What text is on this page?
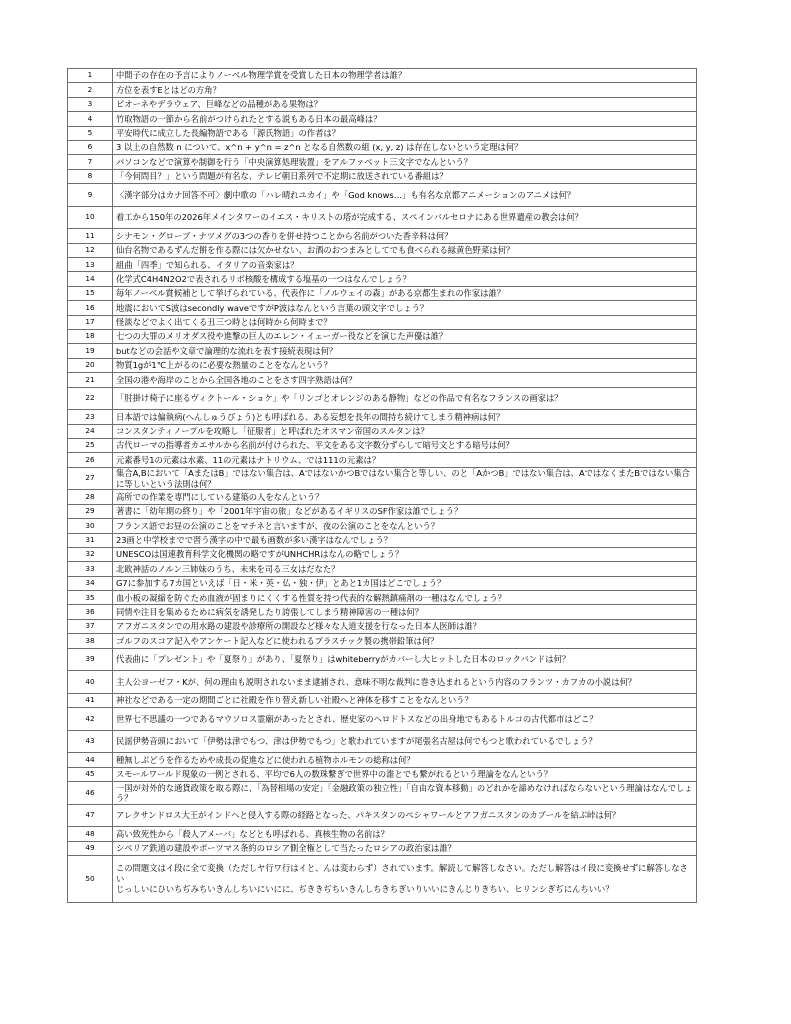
1	中間子の存在の予言によりノーベル物理学賞を受賞した日本の物理学者は誰？
2	方位を表すEとはどの方角？
3	ピオーネやデラウェア、巨峰などの品種がある果物は？
4	竹取物語の一節から名前がつけられたとする説もある日本の最高峰は？
5	平安時代に成立した長編物語である「源氏物語」の作者は？
6	3 以上の自然数 n について、x^n + y^n = z^n となる自然数の組 (x, y, z) は存在しないという定理は何？
7	パソコンなどで演算や制御を行う「中央演算処理装置」をアルファベット三文字でなんという？
8	「今何問目？」という問題が有名な、テレビ朝日系列で不定期に放送されている番組は？
9	〈漢字部分はカナ回答不可〉劇中歌の「ハレ晴れユカイ」や「God knows…」も有名な京都アニメーションのアニメは何？
10	着工から150年の2026年メインタワーのイエス・キリストの塔が完成する、スペインバルセロナにある世界遺産の教会は何？
11	シナモン・グローブ・ナツメグの3つの香りを併せ持つことから名前がついた香辛料は何？
12	仙台名物であるずんだ餅を作る際には欠かせない、お酒のおつまみとしてでも食べられる緑黄色野菜は何？
13	組曲「四季」で知られる、イタリアの音楽家は？
14	化学式C4H4N2O2で表されるリボ核酸を構成する塩基の一つはなんでしょう？
15	毎年ノーベル賞候補として挙げられている、代表作に「ノルウェイの森」がある京都生まれの作家は誰？
16	地震においてS波はsecondly waveですがP波はなんという言葉の頭文字でしょう？
17	怪談などでよく出てくる丑三つ時とは何時から何時まで？
18	七つの大罪のメリオダス役や進撃の巨人のエレン・イェーガー役などを演じた声優は誰？
19	butなどの会話や文章で論理的な流れを表す接続表現は何？
20	物質1gが1℃上がるのに必要な熱量のことをなんという？
21	全国の港や海岸のことから全国各地のことをさす四字熟語は何？
22	「肘掛け椅子に座るヴィクトール・ショケ」や「リンゴとオレンジのある静物」などの作品で有名なフランスの画家は？
23	日本語では偏執病(へんしゅうびょう)とも呼ばれる、ある妄想を長年の間持ち続けてしまう精神病は何？
24	コンスタンティノープルを攻略し「征服者」と呼ばれたオスマン帝国のスルタンは？
25	古代ローマの指導者カエサルから名前が付けられた、平文をある文字数分ずらして暗号文とする暗号は何？
26	元素番号1の元素は水素、11の元素はナトリウム、では111の元素は？
27	集合A,Bにおいて「AまたはB」ではない集合は、AではないかつBではない集合と等しい、のと「AかつB」ではない集合は、AではなくまたBではない集合に等しいという法則は何？
28	高所での作業を専門にしている建築の人をなんという？
29	著書に「幼年期の終り」や「2001年宇宙の旅」などがあるイギリスのSF作家は誰でしょう？
30	フランス語でお昼の公演のことをマチネと言いますが、夜の公演のことをなんという？
31	23画と中学校までで習う漢字の中で最も画数が多い漢字はなんでしょう？
32	UNESCOは国連教育科学文化機関の略ですがUNHCHRはなんの略でしょう？
33	北欧神話のノルン三姉妹のうち、未来を司る三女はだなた？
34	G7に参加する7カ国といえば「日・米・英・仏・独・伊」とあと1カ国はどこでしょう？
35	血小板の凝縮を防ぐため血液が固まりにくくする性質を持つ代表的な解熱鎮痛剤の一種はなんでしょう？
36	同情や注目を集めるために病気を誘発したり誇張してしまう精神障害の一種は何？
37	アフガニスタンでの用水路の建設や診療所の開設など様々な人道支援を行なった日本人医師は誰？
38	ゴルフのスコア記入やアンケート記入などに使われるプラスチック製の携帯鉛筆は何？
39	代表曲に「プレゼント」や「夏祭り」があり、「夏祭り」はwhiteberryがカバーし大ヒットした日本のロックバンドは何？
40	主人公ヨーゼフ・Kが、何の理由も説明されないまま逮捕され、意味不明な裁判に巻き込まれるという内容のフランツ・カフカの小説は何？
41	神社などである一定の期間ごとに社殿を作り替え新しい社殿へと神体を移すことをなんという？
42	世界七不思議の一つであるマウソロス霊廟があったとされ、歴史家のヘロドトスなどの出身地でもあるトルコの古代都市はどこ？
43	民謡伊勢音頭において「伊勢は津でもつ、津は伊勢でもつ」と歌われていますが尾張名古屋は何でもつと歌われているでしょう？
44	種無しぶどうを作るためや成長の促進などに使われる植物ホルモンの総称は何？
45	スモールワールド現象の一例とされる、平均で6人の数珠繋ぎで世界中の誰とでも繋がれるという理論をなんという？
46	一国が対外的な通貨政策を取る際に、「為替相場の安定」「金融政策の独立性」「自由な資本移動」のどれかを諦めなければならないという理論はなんでしょう？
47	アレクサンドロス大王がインドへと侵入する際の経路となった、パキスタンのペシャワールとアフガニスタンのカブールを結ぶ峠は何？
48	高い致死性から「殺人アメーバ」などとも呼ばれる、真核生物の名前は？
49	シベリア鉄道の建設やポーツマス条約のロシア側全権として当たったロシアの政治家は誰？
50	この問題文はイ段に全て変換（ただしヤ行ワ行はイと、んは変わらず）されています。解読して解答しなさい。ただし解答はイ段に変換せずに解答しなさい
じっしいにひいちぢみちいきんしちいにいにに、ぢききぢちいきんしちきちぎいりいいにきんじりきちい、ヒリンシぎぢにんちいい？
